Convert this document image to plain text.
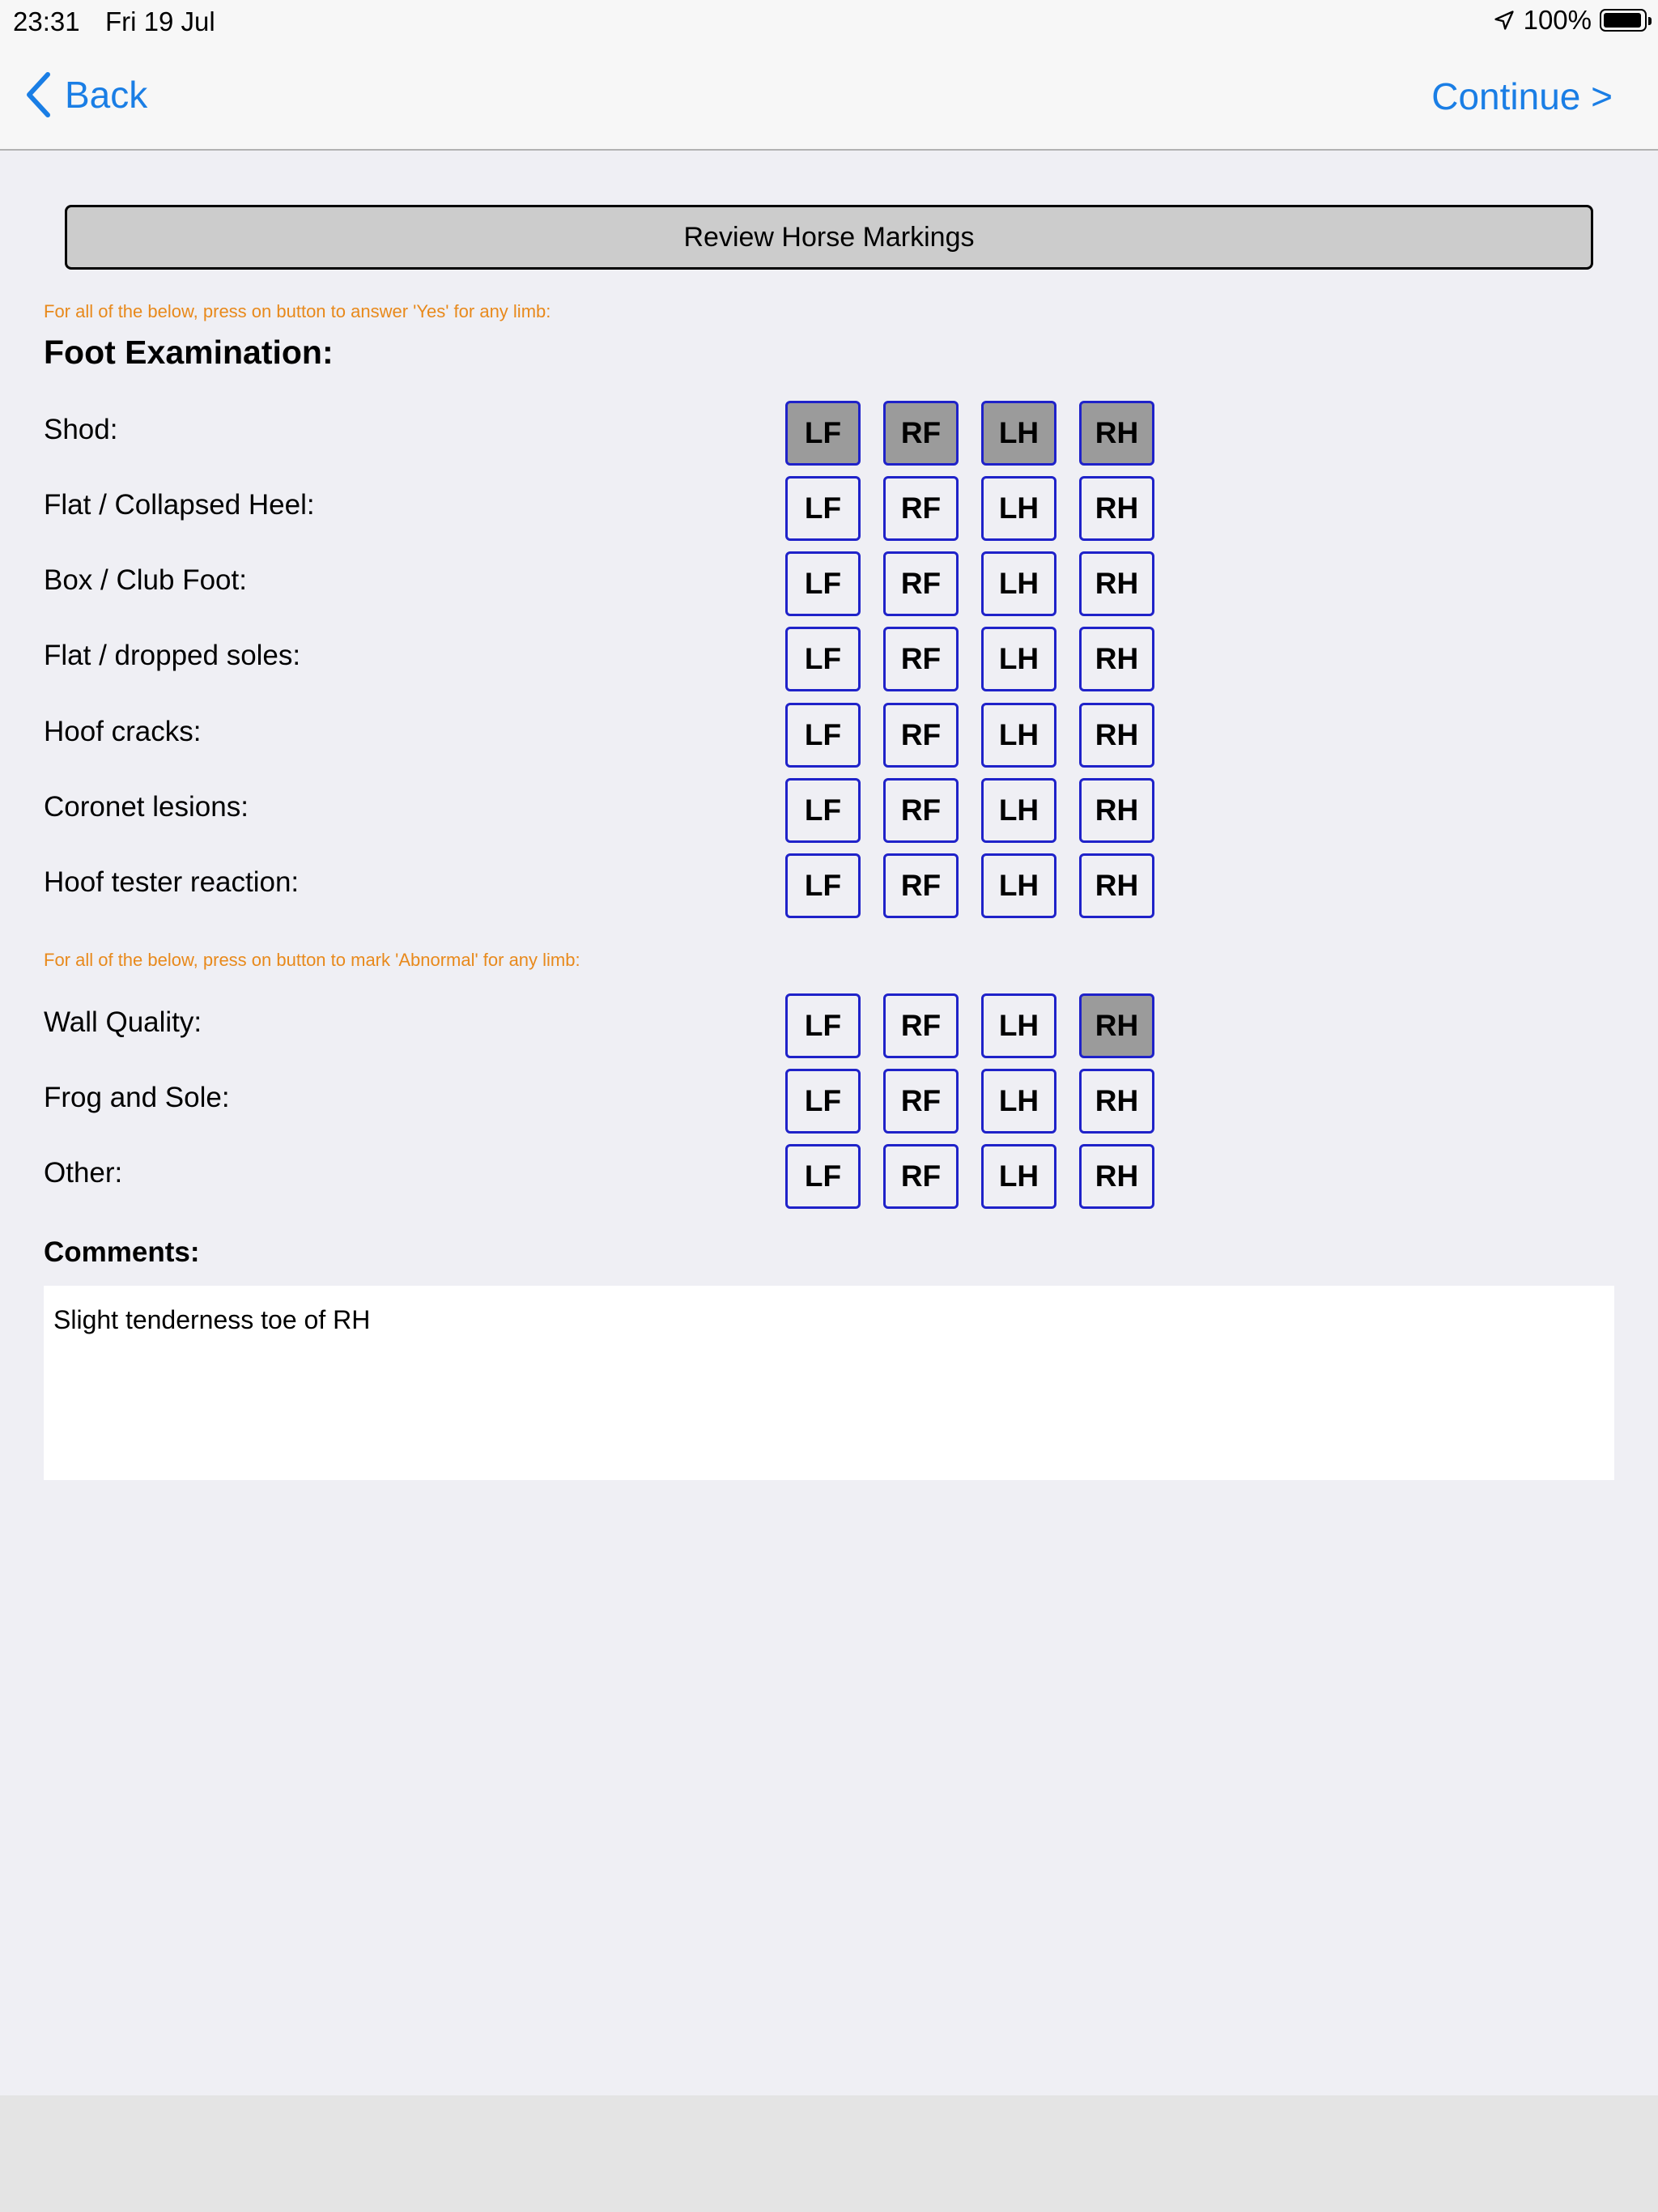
23:31 Fri 19 Jul	100%
Back	Continue >
Review Horse Markings
For all of the below, press on button to answer 'Yes' for any limb:
Foot Examination:
Shod:	LF	RF	LH	RH
Flat / Collapsed Heel:	LF	RF	LH	RH
Box / Club Foot:	LF	RF	LH	RH
Flat / dropped soles:	LF	RF	LH	RH
Hoof cracks:	LF	RF	LH	RH
Coronet lesions:	LF	RF	LH	RH
Hoof tester reaction:	LF	RF	LH	RH
For all of the below, press on button to mark 'Abnormal' for any limb:
Wall Quality:	LF	RF	LH	RH
Frog and Sole:	LF	RF	LH	RH
Other:	LF	RF	LH	RH
Comments:
Slight tenderness toe of RH
